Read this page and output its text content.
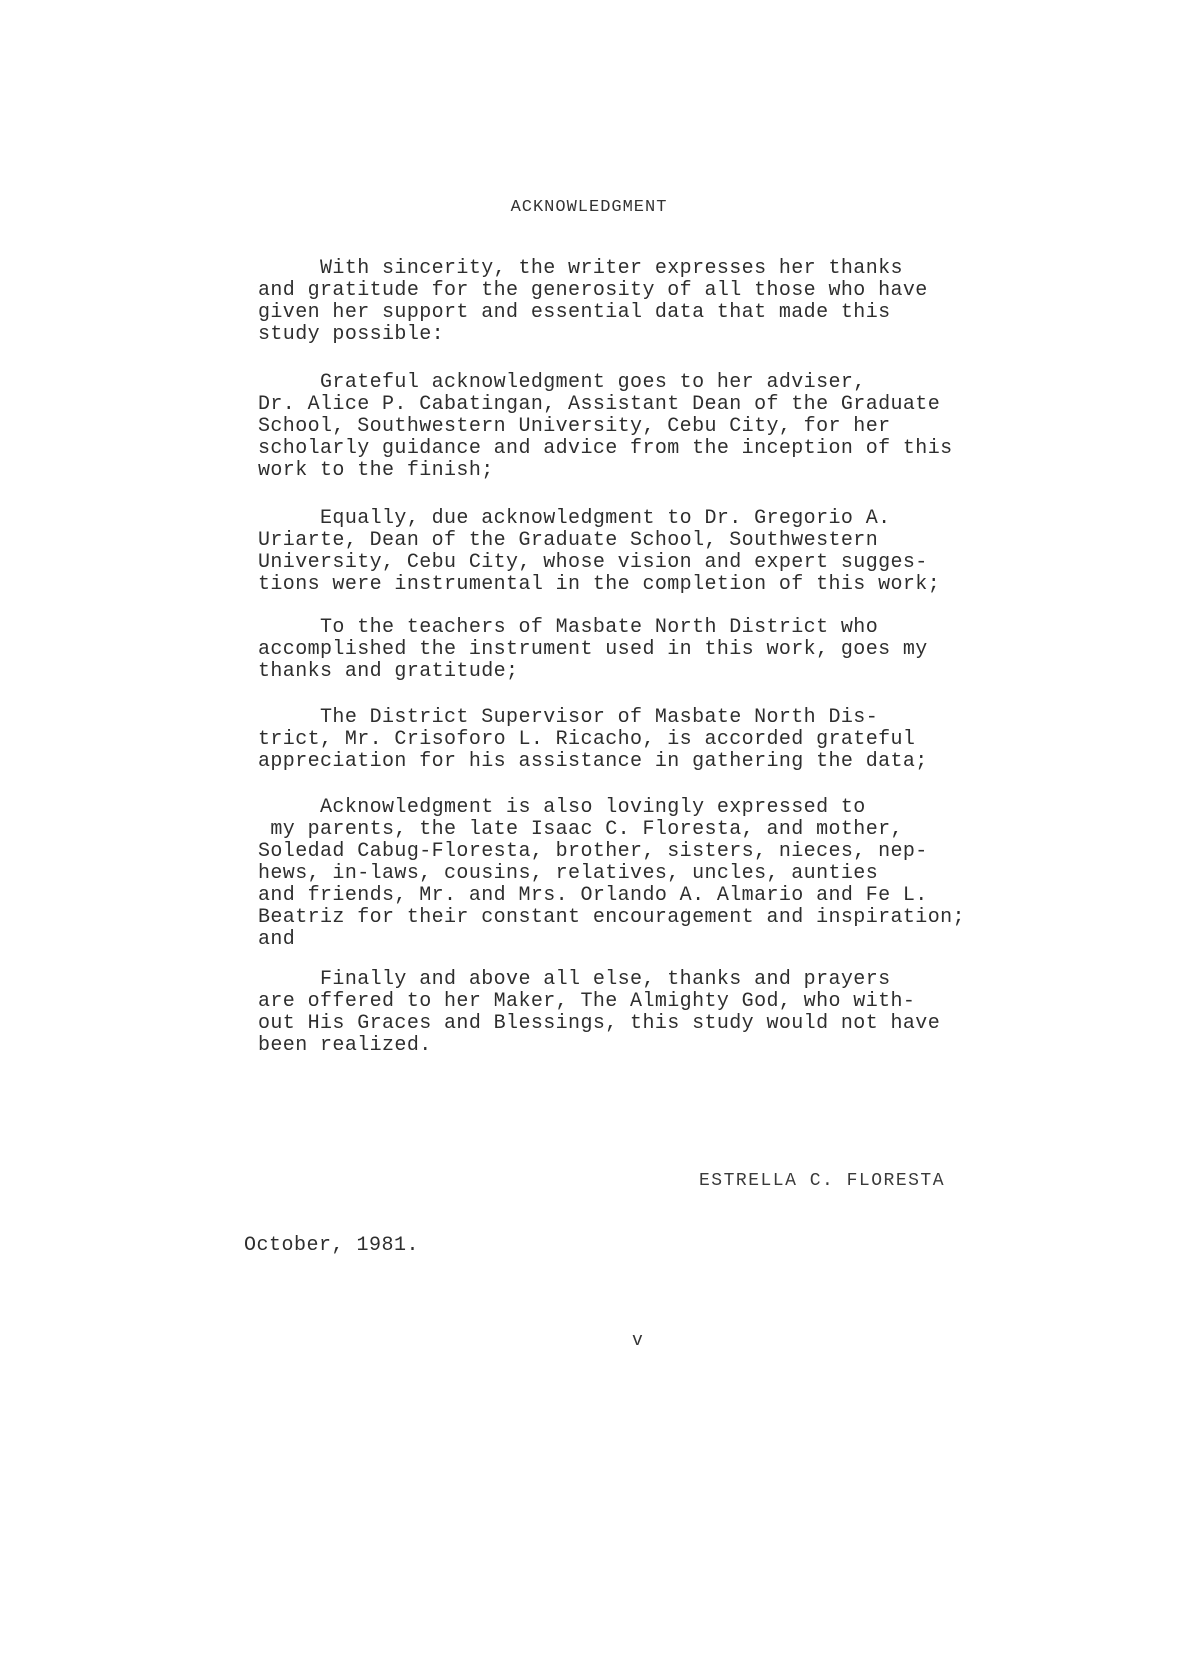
ACKNOWLEDGMENT
With sincerity, the writer expresses her thanks
and gratitude for the generosity of all those who have
given her support and essential data that made this
study possible:
Grateful acknowledgment goes to her adviser,
Dr. Alice P. Cabatingan, Assistant Dean of the Graduate
School, Southwestern University, Cebu City, for her
scholarly guidance and advice from the inception of this
work to the finish;
Equally, due acknowledgment to Dr. Gregorio A.
Uriarte, Dean of the Graduate School, Southwestern
University, Cebu City, whose vision and expert sugges-
tions were instrumental in the completion of this work;
To the teachers of Masbate North District who
accomplished the instrument used in this work, goes my
thanks and gratitude;
The District Supervisor of Masbate North Dis-
trict, Mr. Crisoforo L. Ricacho, is accorded grateful
appreciation for his assistance in gathering the data;
Acknowledgment is also lovingly expressed to
my parents, the late Isaac C. Floresta, and mother,
Soledad Cabug-Floresta, brother, sisters, nieces, nep-
hews, in-laws, cousins, relatives, uncles, aunties
and friends, Mr. and Mrs. Orlando A. Almario and Fe L.
Beatriz for their constant encouragement and inspiration;
and
Finally and above all else, thanks and prayers
are offered to her Maker, The Almighty God, who with-
out His Graces and Blessings, this study would not have
been realized.
ESTRELLA C. FLORESTA
October, 1981.
v
